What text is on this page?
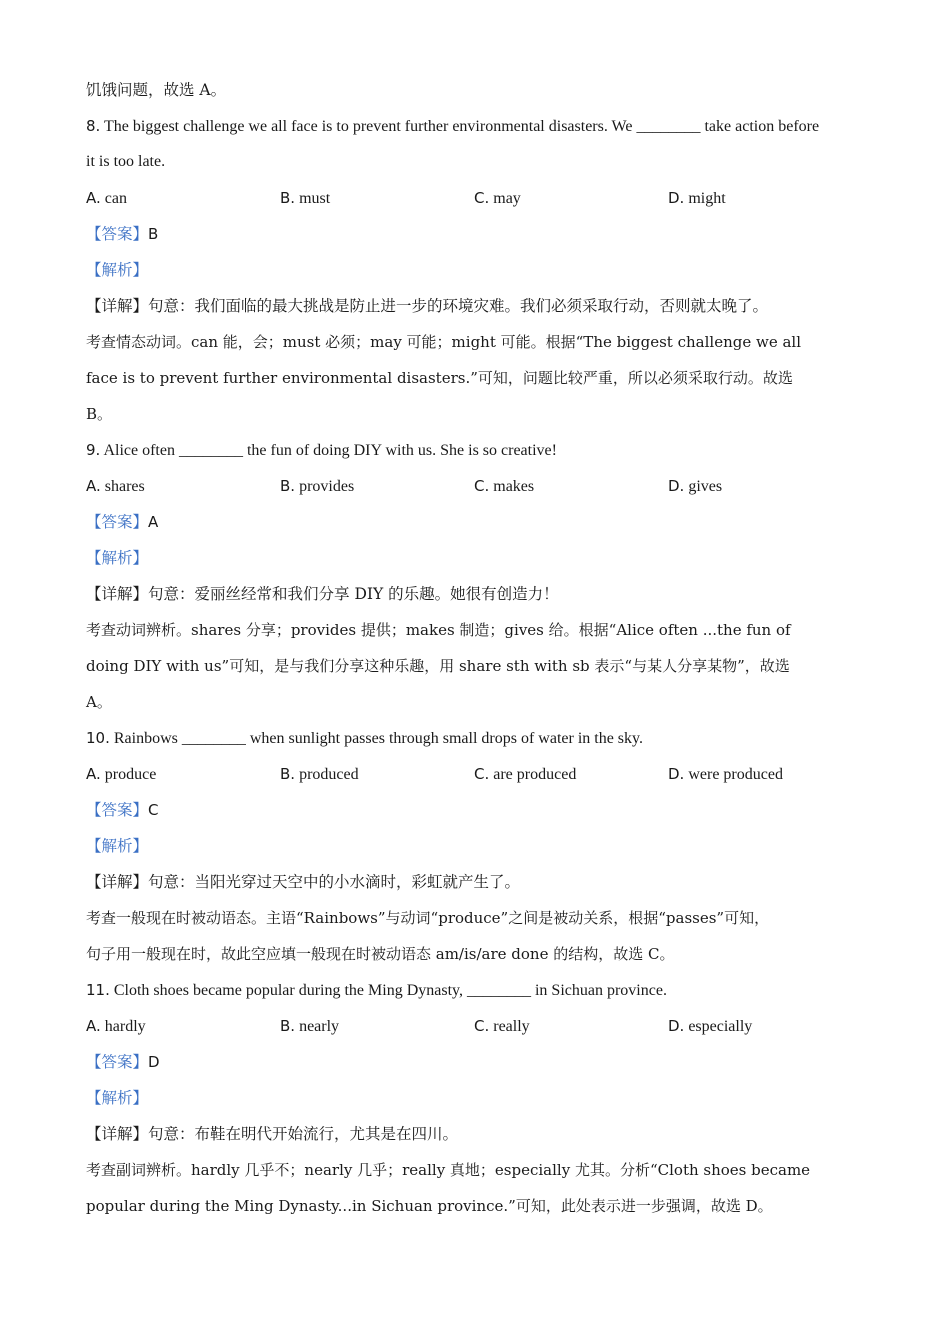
饥饿问题，故选 A。
8. The biggest challenge we all face is to prevent further environmental disasters. We ________ take action before
it is too late.
A. can	B. must	C. may	D. might
【答案】B
【解析】
【详解】句意：我们面临的最大挑战是防止进一步的环境灾难。我们必须采取行动，否则就太晚了。
考查情态动词。can 能，会；must 必须；may 可能；might 可能。根据“The biggest challenge we all
face is to prevent further environmental disasters.”可知，问题比较严重，所以必须采取行动。故选
B。
9. Alice often ________ the fun of doing DIY with us. She is so creative!
A. shares	B. provides	C. makes	D. gives
【答案】A
【解析】
【详解】句意：爱丽丝经常和我们分享 DIY 的乐趣。她很有创造力！
考查动词辨析。shares 分享；provides 提供；makes 制造；gives 给。根据“Alice often ...the fun of
doing DIY with us”可知，是与我们分享这种乐趣，用 share sth with sb 表示“与某人分享某物”，故选
A。
10. Rainbows ________ when sunlight passes through small drops of water in the sky.
A. produce	B. produced	C. are produced	D. were produced
【答案】C
【解析】
【详解】句意：当阳光穿过天空中的小水滴时，彩虹就产生了。
考查一般现在时被动语态。主语“Rainbows”与动词“produce”之间是被动关系，根据“passes”可知，
句子用一般现在时，故此空应填一般现在时被动语态 am/is/are done 的结构，故选 C。
11. Cloth shoes became popular during the Ming Dynasty, ________ in Sichuan province.
A. hardly	B. nearly	C. really	D. especially
【答案】D
【解析】
【详解】句意：布鞋在明代开始流行，尤其是在四川。
考查副词辨析。hardly 几乎不；nearly 几乎；really 真地；especially 尤其。分析“Cloth shoes became
popular during the Ming Dynasty...in Sichuan province.”可知，此处表示进一步强调，故选 D。
